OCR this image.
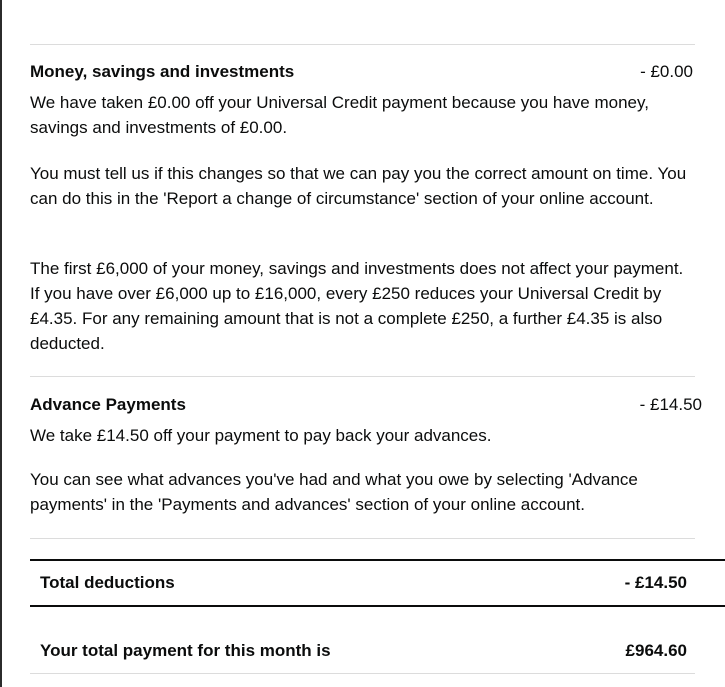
Money, savings and investments	- £0.00

We have taken £0.00 off your Universal Credit payment because you have money, savings and investments of £0.00.

You must tell us if this changes so that we can pay you the correct amount on time. You can do this in the 'Report a change of circumstance' section of your online account.

The first £6,000 of your money, savings and investments does not affect your payment. If you have over £6,000 up to £16,000, every £250 reduces your Universal Credit by £4.35. For any remaining amount that is not a complete £250, a further £4.35 is also deducted.

Advance Payments	- £14.50

We take £14.50 off your payment to pay back your advances.

You can see what advances you've had and what you owe by selecting 'Advance payments' in the 'Payments and advances' section of your online account.

Total deductions	- £14.50
Your total payment for this month is	£964.60
